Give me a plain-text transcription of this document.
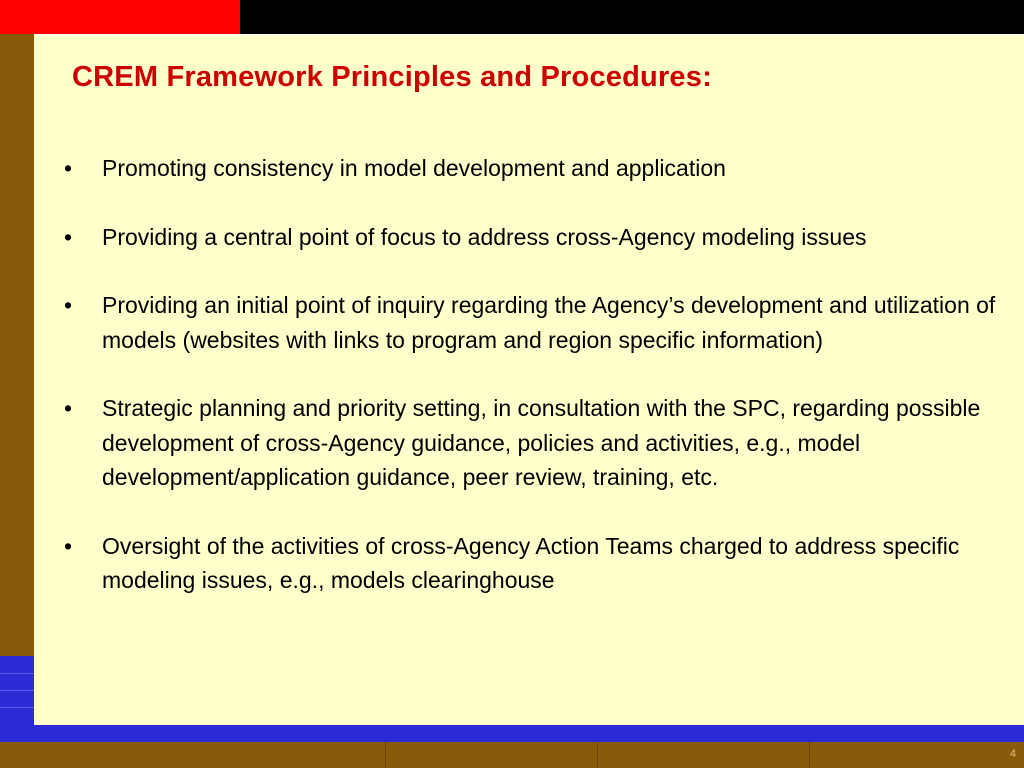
CREM Framework Principles and Procedures:
• Promoting consistency in model development and application
• Providing a central point of focus to address cross-Agency modeling issues
• Providing an initial point of inquiry regarding the Agency’s development and utilization of models (websites with links to program and region specific information)
• Strategic planning and priority setting, in consultation with the SPC, regarding possible development of cross-Agency guidance, policies and activities, e.g., model development/application guidance, peer review, training, etc.
• Oversight of the activities of cross-Agency Action Teams charged to address specific modeling issues, e.g., models clearinghouse
4
